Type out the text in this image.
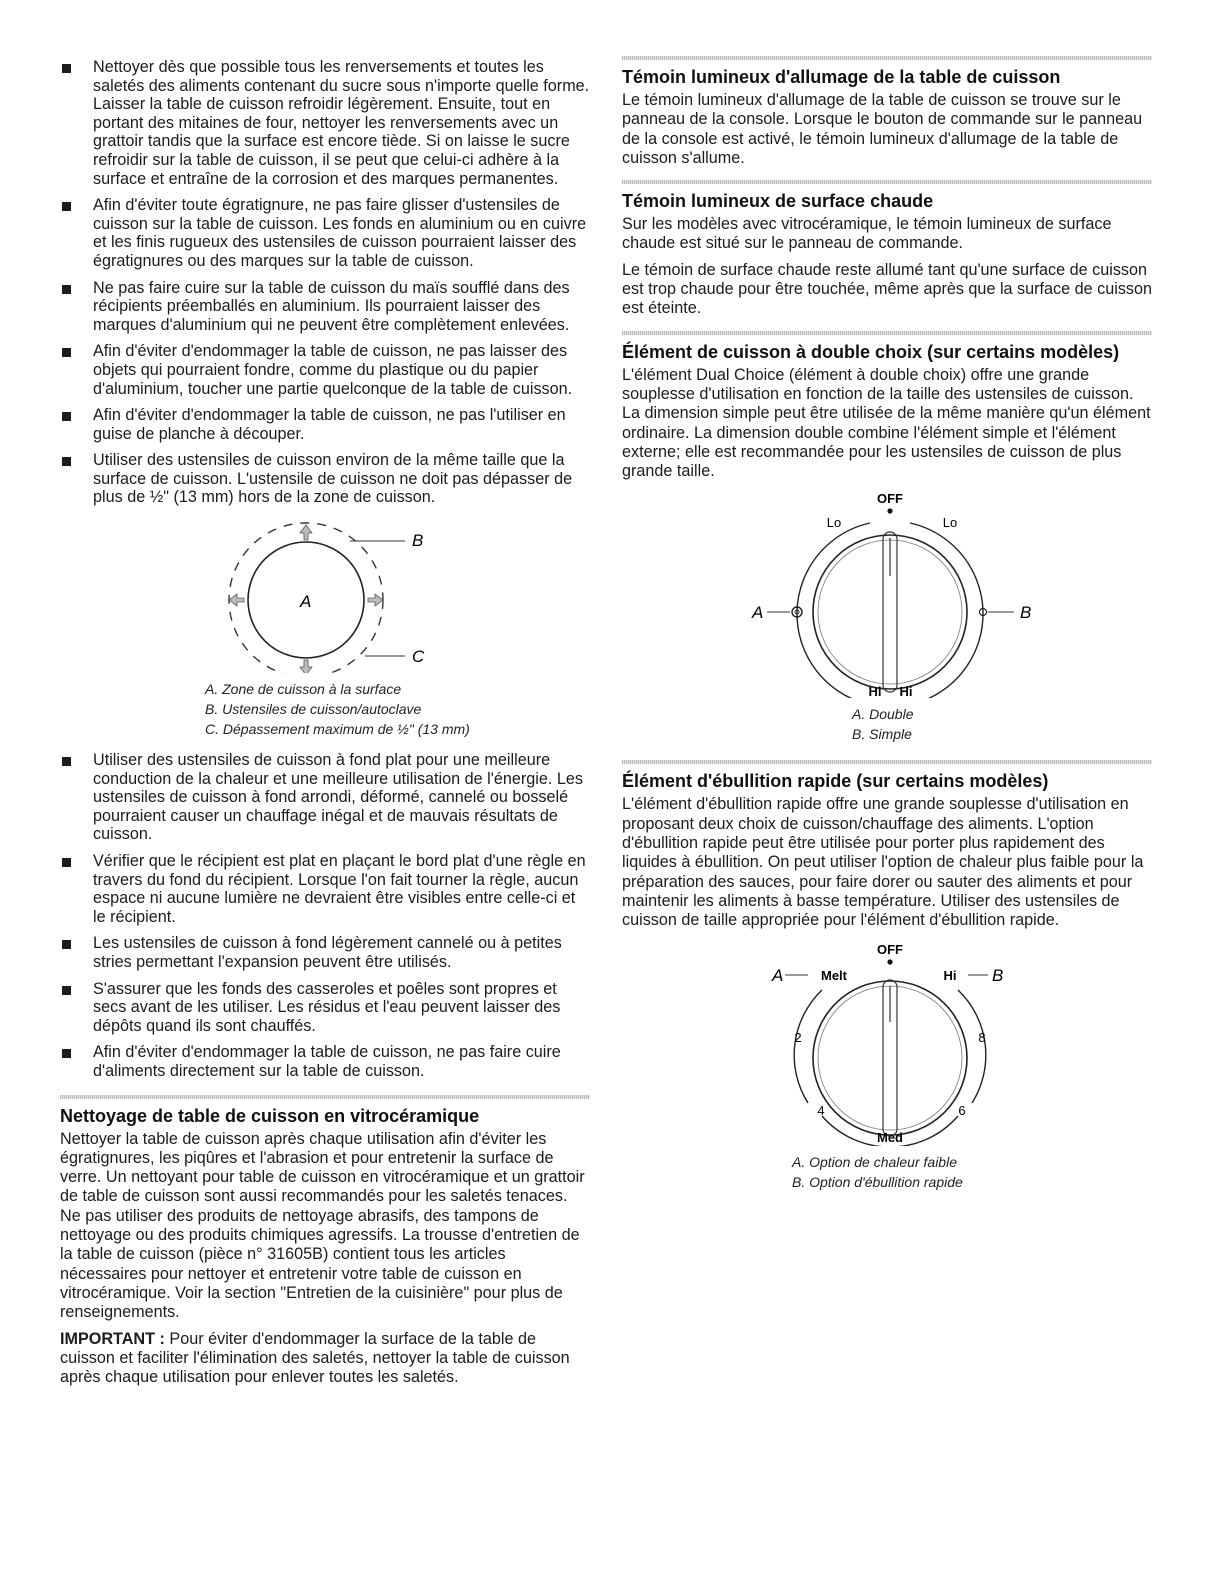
Nettoyer dès que possible tous les renversements et toutes les saletés des aliments contenant du sucre sous n'importe quelle forme. Laisser la table de cuisson refroidir légèrement. Ensuite, tout en portant des mitaines de four, nettoyer les renversements avec un grattoir tandis que la surface est encore tiède. Si on laisse le sucre refroidir sur la table de cuisson, il se peut que celui-ci adhère à la surface et entraîne de la corrosion et des marques permanentes.
Afin d'éviter toute égratignure, ne pas faire glisser d'ustensiles de cuisson sur la table de cuisson. Les fonds en aluminium ou en cuivre et les finis rugueux des ustensiles de cuisson pourraient laisser des égratignures ou des marques sur la table de cuisson.
Ne pas faire cuire sur la table de cuisson du maïs soufflé dans des récipients préemballés en aluminium. Ils pourraient laisser des marques d'aluminium qui ne peuvent être complètement enlevées.
Afin d'éviter d'endommager la table de cuisson, ne pas laisser des objets qui pourraient fondre, comme du plastique ou du papier d'aluminium, toucher une partie quelconque de la table de cuisson.
Afin d'éviter d'endommager la table de cuisson, ne pas l'utiliser en guise de planche à découper.
Utiliser des ustensiles de cuisson environ de la même taille que la surface de cuisson. L'ustensile de cuisson ne doit pas dépasser de plus de ½" (13 mm) hors de la zone de cuisson.
A
B
C
A. Zone de cuisson à la surface
B. Ustensiles de cuisson/autoclave
C. Dépassement maximum de ½" (13 mm)
Utiliser des ustensiles de cuisson à fond plat pour une meilleure conduction de la chaleur et une meilleure utilisation de l'énergie. Les ustensiles de cuisson à fond arrondi, déformé, cannelé ou bosselé pourraient causer un chauffage inégal et de mauvais résultats de cuisson.
Vérifier que le récipient est plat en plaçant le bord plat d'une règle en travers du fond du récipient. Lorsque l'on fait tourner la règle, aucun espace ni aucune lumière ne devraient être visibles entre celle-ci et le récipient.
Les ustensiles de cuisson à fond légèrement cannelé ou à petites stries permettant l'expansion peuvent être utilisés.
S'assurer que les fonds des casseroles et poêles sont propres et secs avant de les utiliser. Les résidus et l'eau peuvent laisser des dépôts quand ils sont chauffés.
Afin d'éviter d'endommager la table de cuisson, ne pas faire cuire d'aliments directement sur la table de cuisson.
Nettoyage de table de cuisson en vitrocéramique

Nettoyer la table de cuisson après chaque utilisation afin d'éviter les égratignures, les piqûres et l'abrasion et pour entretenir la surface de verre. Un nettoyant pour table de cuisson en vitrocéramique et un grattoir de table de cuisson sont aussi recommandés pour les saletés tenaces. Ne pas utiliser des produits de nettoyage abrasifs, des tampons de nettoyage ou des produits chimiques agressifs. La trousse d'entretien de la table de cuisson (pièce n° 31605B) contient tous les articles nécessaires pour nettoyer et entretenir votre table de cuisson en vitrocéramique. Voir la section "Entretien de la cuisinière" pour plus de renseignements.

IMPORTANT : Pour éviter d'endommager la surface de la table de cuisson et faciliter l'élimination des saletés, nettoyer la table de cuisson après chaque utilisation pour enlever toutes les saletés.

Témoin lumineux d'allumage de la table de cuisson

Le témoin lumineux d'allumage de la table de cuisson se trouve sur le panneau de la console. Lorsque le bouton de commande sur le panneau de la console est activé, le témoin lumineux d'allumage de la table de cuisson s'allume.

Témoin lumineux de surface chaude

Sur les modèles avec vitrocéramique, le témoin lumineux de surface chaude est situé sur le panneau de commande.

Le témoin de surface chaude reste allumé tant qu'une surface de cuisson est trop chaude pour être touchée, même après que la surface de cuisson est éteinte.

Élément de cuisson à double choix (sur certains modèles)

L'élément Dual Choice (élément à double choix) offre une grande souplesse d'utilisation en fonction de la taille des ustensiles de cuisson. La dimension simple peut être utilisée de la même manière qu'un élément ordinaire. La dimension double combine l'élément simple et l'élément externe; elle est recommandée pour les ustensiles de cuisson de plus grande taille.

OFF
Lo	Lo
A	B
Hi Hi
A. Double
B. Simple
Élément d'ébullition rapide (sur certains modèles)

L'élément d'ébullition rapide offre une grande souplesse d'utilisation en proposant deux choix de cuisson/chauffage des aliments. L'option d'ébullition rapide peut être utilisée pour porter plus rapidement des liquides à ébullition. On peut utiliser l'option de chaleur plus faible pour la préparation des sauces, pour faire dorer ou sauter des aliments et pour maintenir les aliments à basse température. Utiliser des ustensiles de cuisson de taille appropriée pour l'élément d'ébullition rapide.

OFF
Melt	Hi
A	B
2	8
4	6
Med
A. Option de chaleur faible
B. Option d'ébullition rapide
